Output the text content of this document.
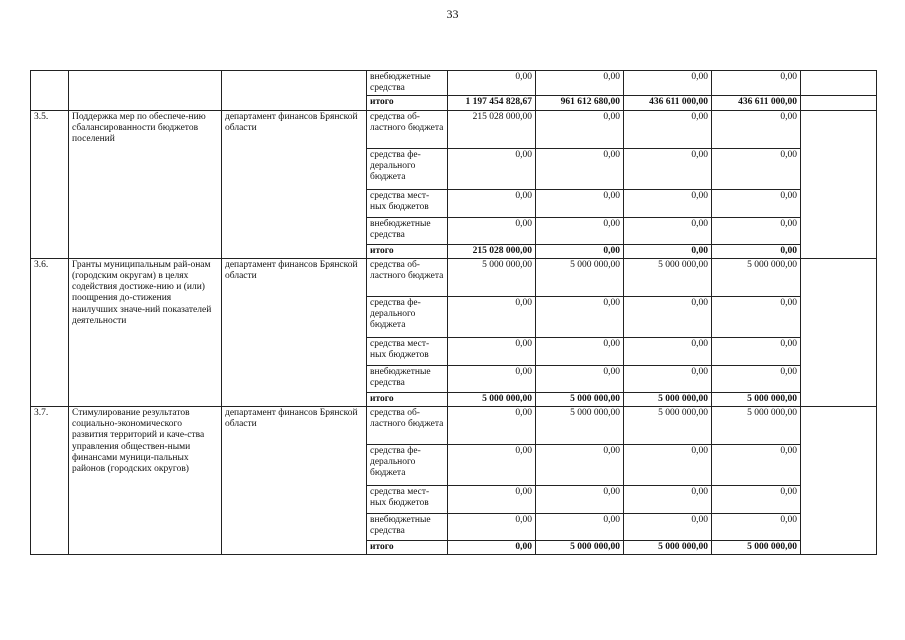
33
			внебюджетные средства	0,00	0,00	0,00	0,00	
			итого	1 197 454 828,67	961 612 680,00	436 611 000,00	436 611 000,00	
3.5.	Поддержка мер по обеспече-нию сбалансированности бюджетов поселений	департамент финансов Брянской области	средства об-ластного бюджета	215 028 000,00	0,00	0,00	0,00	
			средства фе-дерального бюджета	0,00	0,00	0,00	0,00	
			средства мест-ных бюджетов	0,00	0,00	0,00	0,00	
			внебюджетные средства	0,00	0,00	0,00	0,00	
			итого	215 028 000,00	0,00	0,00	0,00	
3.6.	Гранты муниципальным рай-онам (городским округам) в целях содействия достиже-нию и (или) поощрения до-стижения наилучших значе-ний показателей деятельности	департамент финансов Брянской области	средства об-ластного бюджета	5 000 000,00	5 000 000,00	5 000 000,00	5 000 000,00	
			средства фе-дерального бюджета	0,00	0,00	0,00	0,00	
			средства мест-ных бюджетов	0,00	0,00	0,00	0,00	
			внебюджетные средства	0,00	0,00	0,00	0,00	
			итого	5 000 000,00	5 000 000,00	5 000 000,00	5 000 000,00	
3.7.	Стимулирование результатов социально-экономического развития территорий и каче-ства управления обществен-ными финансами муници-пальных районов (городских округов)	департамент финансов Брянской области	средства об-ластного бюджета	0,00	5 000 000,00	5 000 000,00	5 000 000,00	
			средства фе-дерального бюджета	0,00	0,00	0,00	0,00	
			средства мест-ных бюджетов	0,00	0,00	0,00	0,00	
			внебюджетные средства	0,00	0,00	0,00	0,00	
			итого	0,00	5 000 000,00	5 000 000,00	5 000 000,00	
